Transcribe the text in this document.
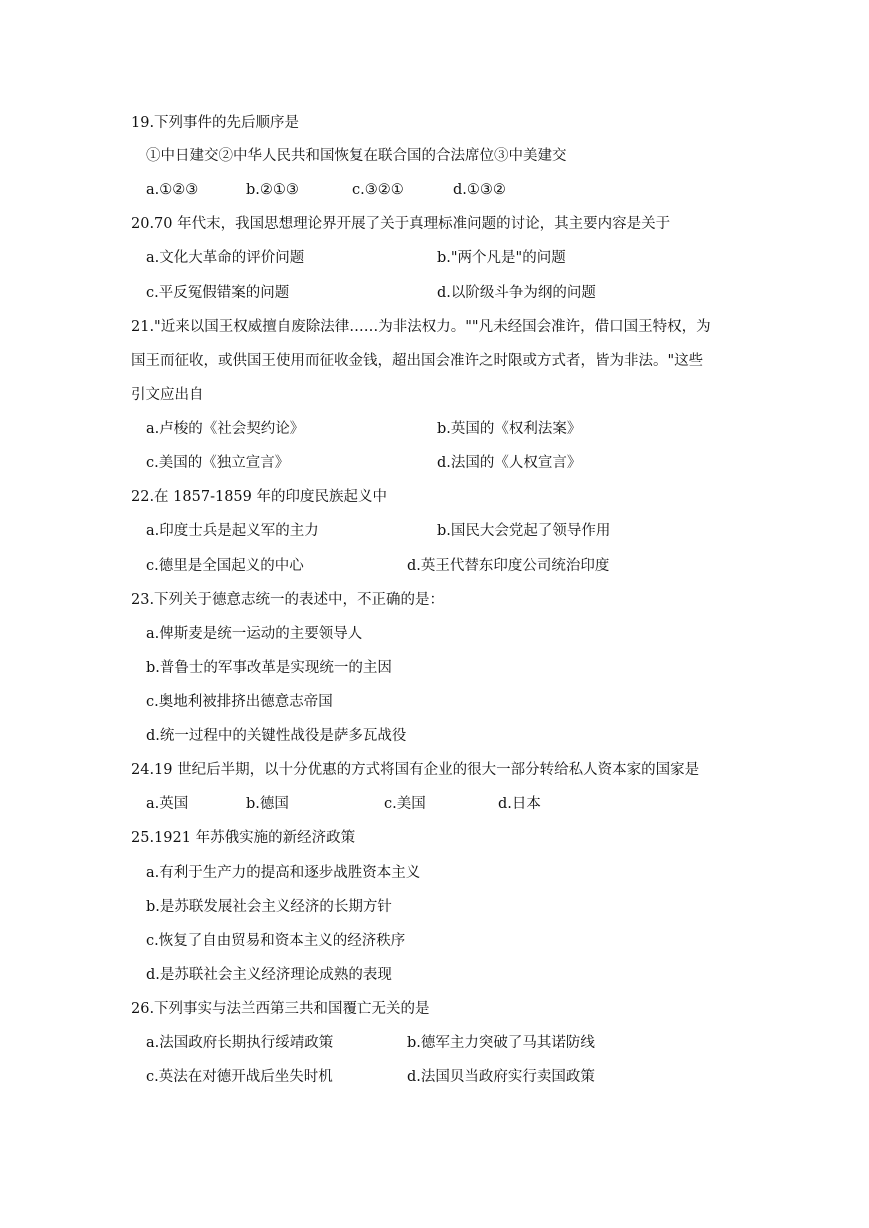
19.下列事件的先后顺序是
①中日建交②中华人民共和国恢复在联合国的合法席位③中美建交
a.①②③	b.②①③	c.③②①	d.①③②
20.70 年代末，我国思想理论界开展了关于真理标准问题的讨论，其主要内容是关于
a.文化大革命的评价问题	b."两个凡是"的问题
c.平反冤假错案的问题	d.以阶级斗争为纲的问题
21."近来以国王权威擅自废除法律……为非法权力。""凡未经国会准许，借口国王特权，为
国王而征收，或供国王使用而征收金钱，超出国会准许之时限或方式者，皆为非法。"这些
引文应出自
a.卢梭的《社会契约论》	b.英国的《权利法案》
c.美国的《独立宣言》	d.法国的《人权宣言》
22.在 1857-1859 年的印度民族起义中
a.印度士兵是起义军的主力	b.国民大会党起了领导作用
c.德里是全国起义的中心	d.英王代替东印度公司统治印度
23.下列关于德意志统一的表述中，不正确的是：
a.俾斯麦是统一运动的主要领导人
b.普鲁士的军事改革是实现统一的主因
c.奥地利被排挤出德意志帝国
d.统一过程中的关键性战役是萨多瓦战役
24.19 世纪后半期，以十分优惠的方式将国有企业的很大一部分转给私人资本家的国家是
a.英国	b.德国	c.美国	d.日本
25.1921 年苏俄实施的新经济政策
a.有利于生产力的提高和逐步战胜资本主义
b.是苏联发展社会主义经济的长期方针
c.恢复了自由贸易和资本主义的经济秩序
d.是苏联社会主义经济理论成熟的表现
26.下列事实与法兰西第三共和国覆亡无关的是
a.法国政府长期执行绥靖政策	b.德军主力突破了马其诺防线
c.英法在对德开战后坐失时机	d.法国贝当政府实行卖国政策
